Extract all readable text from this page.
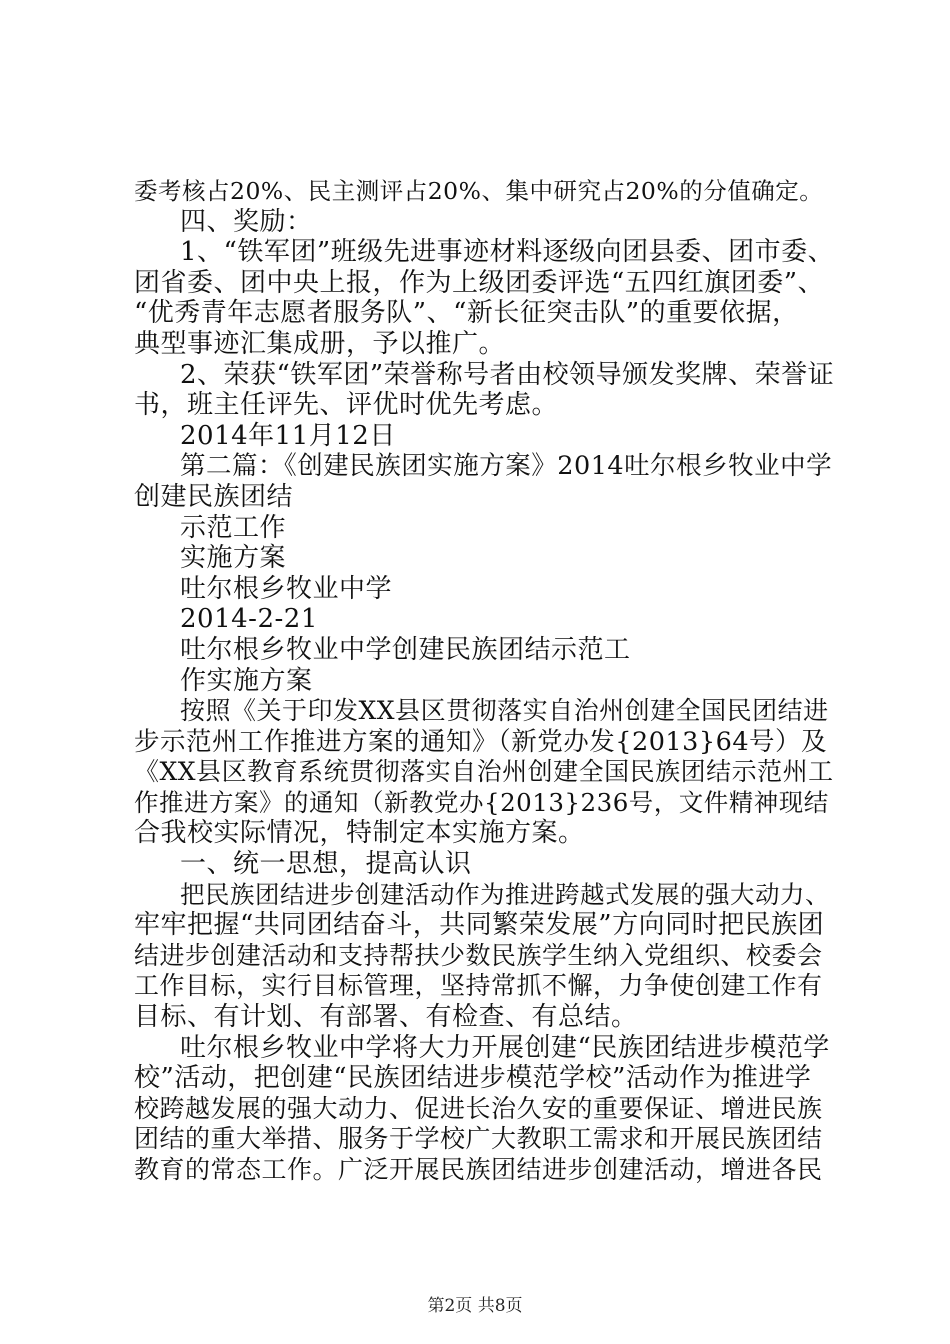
委考核占20%、民主测评占20%、集中研究占20%的分值确定。
四、奖励：
1、“铁军团”班级先进事迹材料逐级向团县委、团市委、
团省委、团中央上报，作为上级团委评选“五四红旗团委”、
“优秀青年志愿者服务队”、“新长征突击队”的重要依据，
典型事迹汇集成册，予以推广。
2、荣获“铁军团”荣誉称号者由校领导颁发奖牌、荣誉证
书，班主任评先、评优时优先考虑。
2014年11月12日
第二篇：《创建民族团实施方案》2014吐尔根乡牧业中学
创建民族团结
示范工作
实施方案
吐尔根乡牧业中学
2014-2-21
吐尔根乡牧业中学创建民族团结示范工
作实施方案
按照《关于印发XX县区贯彻落实自治州创建全国民团结进
步示范州工作推进方案的通知》（新党办发{2013}64号）及
《XX县区教育系统贯彻落实自治州创建全国民族团结示范州工
作推进方案》的通知（新教党办{2013}236号，文件精神现结
合我校实际情况，特制定本实施方案。
一、统一思想，提高认识
把民族团结进步创建活动作为推进跨越式发展的强大动力、
牢牢把握“共同团结奋斗，共同繁荣发展”方向同时把民族团
结进步创建活动和支持帮扶少数民族学生纳入党组织、校委会
工作目标，实行目标管理，坚持常抓不懈，力争使创建工作有
目标、有计划、有部署、有检查、有总结。
吐尔根乡牧业中学将大力开展创建“民族团结进步模范学
校”活动，把创建“民族团结进步模范学校”活动作为推进学
校跨越发展的强大动力、促进长治久安的重要保证、增进民族
团结的重大举措、服务于学校广大教职工需求和开展民族团结
教育的常态工作。广泛开展民族团结进步创建活动，增进各民
第2页 共8页
